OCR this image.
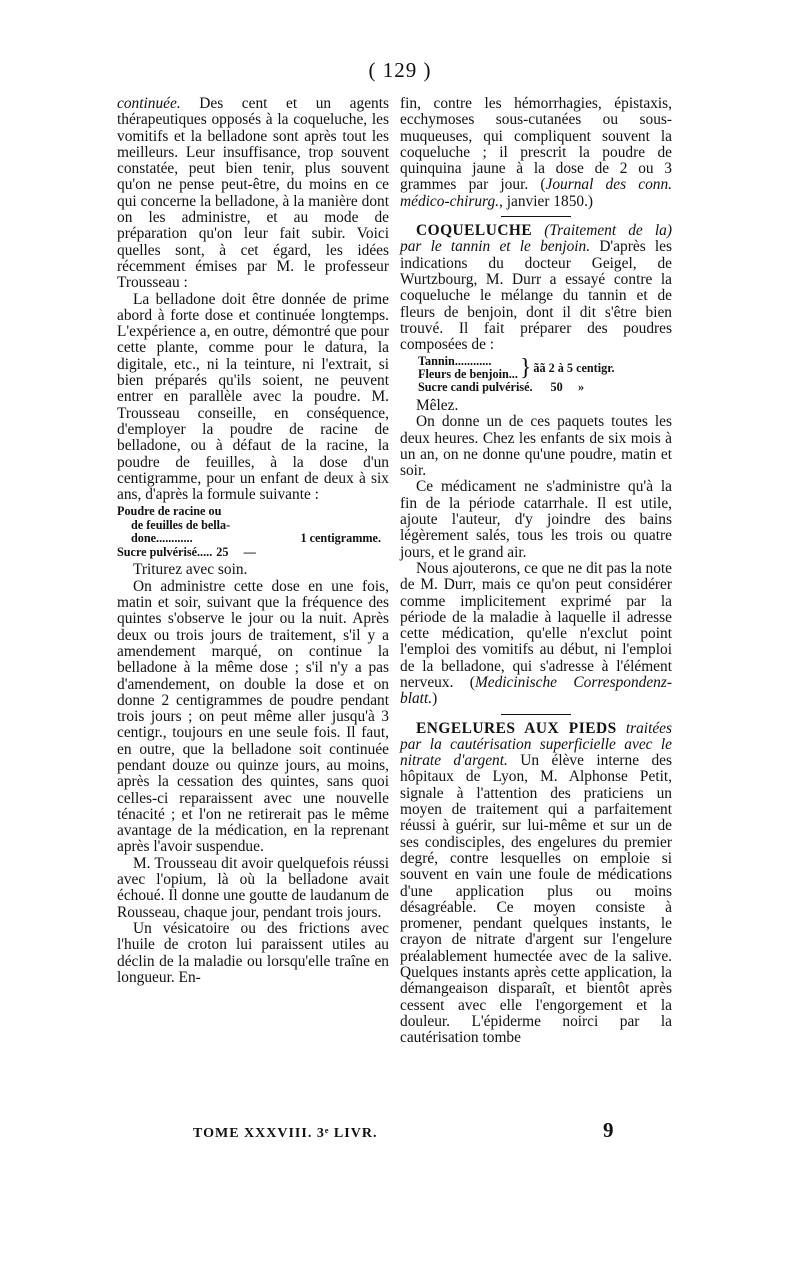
( 129 )

continuée. Des cent et un agents thérapeutiques opposés à la coqueluche, les vomitifs et la belladone sont après tout les meilleurs. Leur insuffisance, trop souvent constatée, peut bien tenir, plus souvent qu'on ne pense peut-être, du moins en ce qui concerne la belladone, à la manière dont on les administre, et au mode de préparation qu'on leur fait subir. Voici quelles sont, à cet égard, les idées récemment émises par M. le professeur Trousseau :

La belladone doit être donnée de prime abord à forte dose et continuée longtemps. L'expérience a, en outre, démontré que pour cette plante, comme pour le datura, la digitale, etc., ni la teinture, ni l'extrait, si bien préparés qu'ils soient, ne peuvent entrer en parallèle avec la poudre. M. Trousseau conseille, en conséquence, d'employer la poudre de racine de belladone, ou à défaut de la racine, la poudre de feuilles, à la dose d'un centigramme, pour un enfant de deux à six ans, d'après la formule suivante :

Poudre de racine ou
de feuilles de bella-
done............	1 centigramme.
Sucre pulvérisé..... 25     —

Triturez avec soin.

On administre cette dose en une fois, matin et soir, suivant que la fréquence des quintes s'observe le jour ou la nuit. Après deux ou trois jours de traitement, s'il y a amendement marqué, on continue la belladone à la même dose ; s'il n'y a pas d'amendement, on double la dose et on donne 2 centigrammes de poudre pendant trois jours ; on peut même aller jusqu'à 3 centigr., toujours en une seule fois. Il faut, en outre, que la belladone soit continuée pendant douze ou quinze jours, au moins, après la cessation des quintes, sans quoi celles-ci reparaissent avec une nouvelle ténacité ; et l'on ne retirerait pas le même avantage de la médication, en la reprenant après l'avoir suspendue.

M. Trousseau dit avoir quelquefois réussi avec l'opium, là où la belladone avait échoué. Il donne une goutte de laudanum de Rousseau, chaque jour, pendant trois jours.

Un vésicatoire ou des frictions avec l'huile de croton lui paraissent utiles au déclin de la maladie ou lorsqu'elle traîne en longueur. En-

fin, contre les hémorrhagies, épistaxis, ecchymoses sous-cutanées ou sous-muqueuses, qui compliquent souvent la coqueluche ; il prescrit la poudre de quinquina jaune à la dose de 2 ou 3 grammes par jour. (Journal des conn. médico-chirurg., janvier 1850.)

COQUELUCHE (Traitement de la) par le tannin et le benjoin. D'après les indications du docteur Geigel, de Wurtzbourg, M. Durr a essayé contre la coqueluche le mélange du tannin et de fleurs de benjoin, dont il dit s'être bien trouvé. Il fait préparer des poudres composées de :

Tannin............
Fleurs de benjoin... } ãã 2 à 5 centigr.
Sucre candi pulvérisé. 50     »

Mêlez.

On donne un de ces paquets toutes les deux heures. Chez les enfants de six mois à un an, on ne donne qu'une poudre, matin et soir.

Ce médicament ne s'administre qu'à la fin de la période catarrhale. Il est utile, ajoute l'auteur, d'y joindre des bains légèrement salés, tous les trois ou quatre jours, et le grand air.

Nous ajouterons, ce que ne dit pas la note de M. Durr, mais ce qu'on peut considérer comme implicitement exprimé par la période de la maladie à laquelle il adresse cette médication, qu'elle n'exclut point l'emploi des vomitifs au début, ni l'emploi de la belladone, qui s'adresse à l'élément nerveux. (Medicinische Correspondenz-blatt.)

ENGELURES AUX PIEDS traitées par la cautérisation superficielle avec le nitrate d'argent. Un élève interne des hôpitaux de Lyon, M. Alphonse Petit, signale à l'attention des praticiens un moyen de traitement qui a parfaitement réussi à guérir, sur lui-même et sur un de ses condisciples, des engelures du premier degré, contre lesquelles on emploie si souvent en vain une foule de médications d'une application plus ou moins désagréable. Ce moyen consiste à promener, pendant quelques instants, le crayon de nitrate d'argent sur l'engelure préalablement humectée avec de la salive. Quelques instants après cette application, la démangeaison disparaît, et bientôt après cessent avec elle l'engorgement et la douleur. L'épiderme noirci par la cautérisation tombe

TOME XXXVIII. 3ᵉ LIVR.	9
